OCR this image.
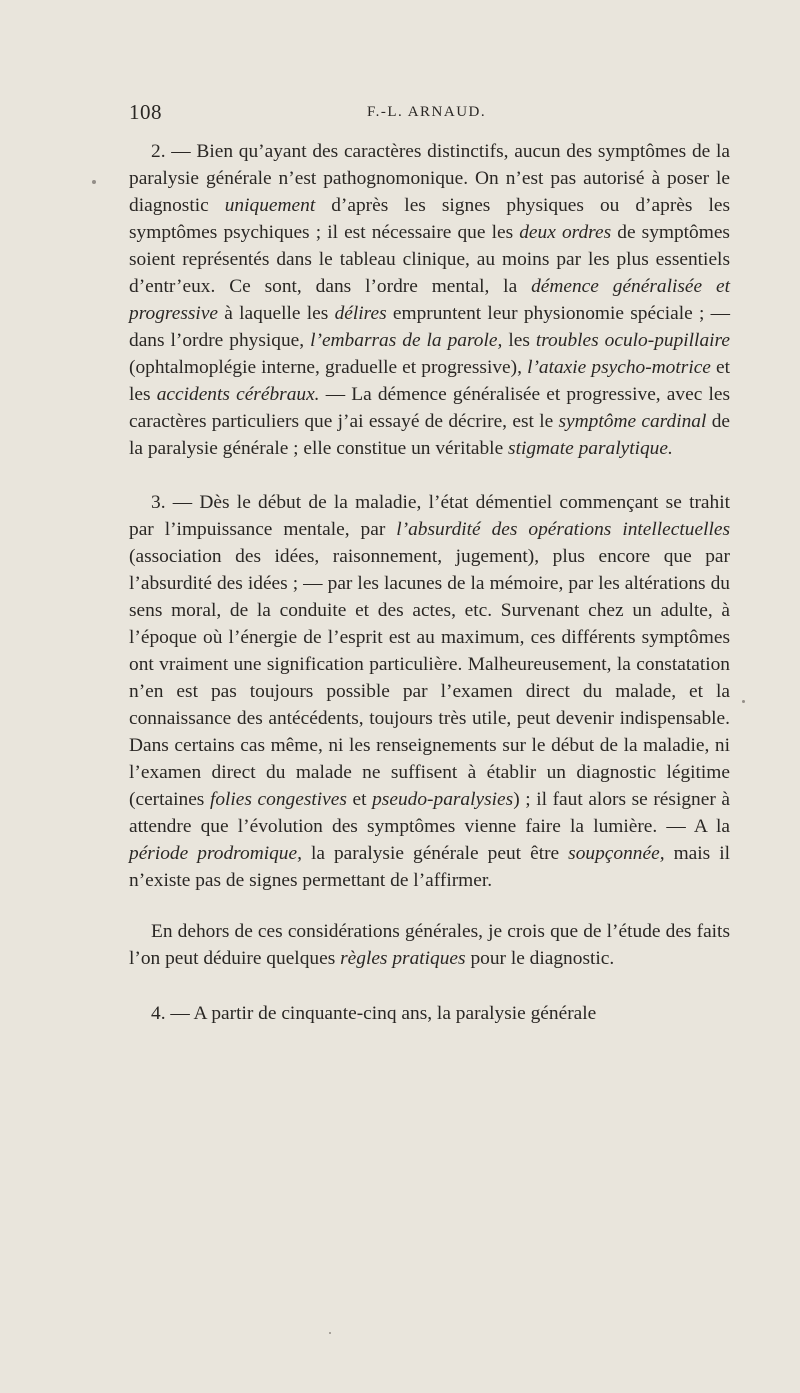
108	F.-L. ARNAUD.

2. — Bien qu’ayant des caractères distinctifs, aucun des symptômes de la paralysie générale n’est pathognomonique. On n’est pas autorisé à poser le diagnostic uniquement d’après les signes physiques ou d’après les symptômes psychiques ; il est nécessaire que les deux ordres de symptômes soient représentés dans le tableau clinique, au moins par les plus essentiels d’entr’eux. Ce sont, dans l’ordre mental, la démence généralisée et progressive à laquelle les délires empruntent leur physionomie spéciale ; — dans l’ordre physique, l’embarras de la parole, les troubles oculo-pupillaire (ophtalmoplégie interne, graduelle et progressive), l’ataxie psycho-motrice et les accidents cérébraux. — La démence généralisée et progressive, avec les caractères particuliers que j’ai essayé de décrire, est le symptôme cardinal de la paralysie générale ; elle constitue un véritable stigmate paralytique.

3. — Dès le début de la maladie, l’état démentiel commençant se trahit par l’impuissance mentale, par l’absurdité des opérations intellectuelles (association des idées, raisonnement, jugement), plus encore que par l’absurdité des idées ; — par les lacunes de la mémoire, par les altérations du sens moral, de la conduite et des actes, etc. Survenant chez un adulte, à l’époque où l’énergie de l’esprit est au maximum, ces différents symptômes ont vraiment une signification particulière. Malheureusement, la constatation n’en est pas toujours possible par l’examen direct du malade, et la connaissance des antécédents, toujours très utile, peut devenir indispensable. Dans certains cas même, ni les renseignements sur le début de la maladie, ni l’examen direct du malade ne suffisent à établir un diagnostic légitime (certaines folies congestives et pseudo-paralysies) ; il faut alors se résigner à attendre que l’évolution des symptômes vienne faire la lumière. — A la période prodromique, la paralysie générale peut être soupçonnée, mais il n’existe pas de signes permettant de l’affirmer.

En dehors de ces considérations générales, je crois que de l’étude des faits l’on peut déduire quelques règles pratiques pour le diagnostic.

4. — A partir de cinquante-cinq ans, la paralysie générale
